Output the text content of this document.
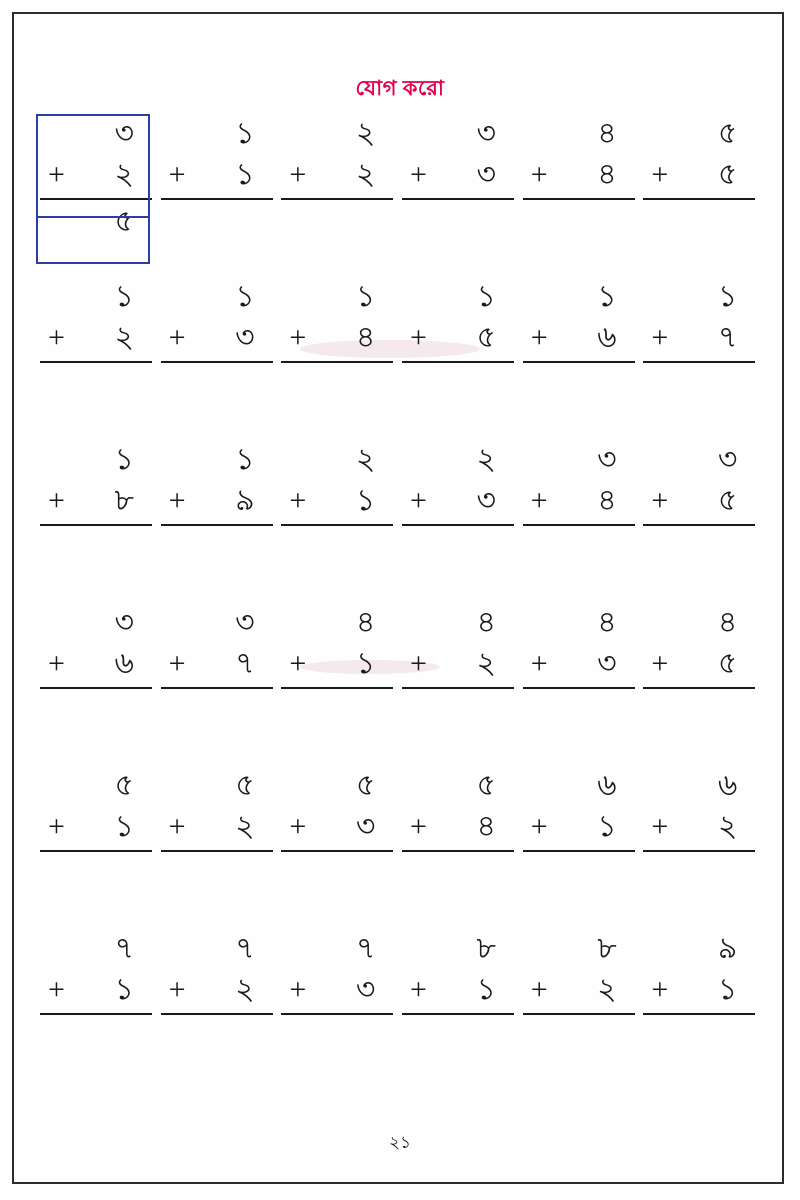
যোগ করো
৩
+ ২
৫
১
+ ১
২
+ ২
৩
+ ৩
৪
+ ৪
৫
+ ৫
১
+ ২
১
+ ৩
১
+ ৪
১
+ ৫
১
+ ৬
১
+ ৭
১
+ ৮
১
+ ৯
২
+ ১
২
+ ৩
৩
+ ৪
৩
+ ৫
৩
+ ৬
৩
+ ৭
৪
+ ১
৪
+ ২
৪
+ ৩
৪
+ ৫
৫
+ ১
৫
+ ২
৫
+ ৩
৫
+ ৪
৬
+ ১
৬
+ ২
৭
+ ১
৭
+ ২
৭
+ ৩
৮
+ ১
৮
+ ২
৯
+ ১
২১
